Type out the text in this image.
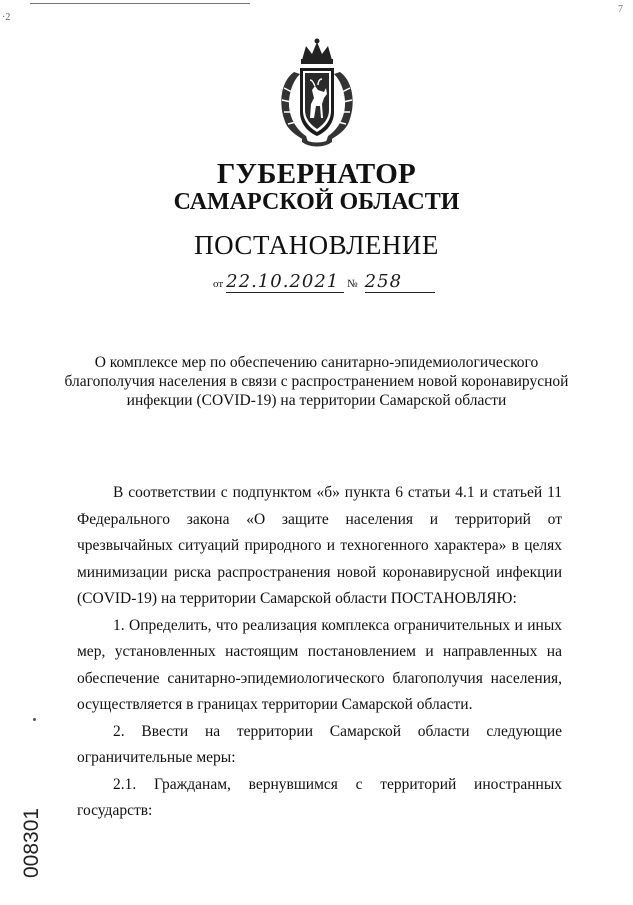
·2
7
ГУБЕРНАТОР
САМАРСКОЙ ОБЛАСТИ
ПОСТАНОВЛЕНИЕ
от 22.10.2021 № 258
О комплексе мер по обеспечению санитарно-эпидемиологического благополучия населения в связи с распространением новой коронавирусной инфекции (COVID-19) на территории Самарской области

В соответствии с подпунктом «б» пункта 6 статьи 4.1 и статьей 11 Федерального закона «О защите населения и территорий от чрезвычайных ситуаций природного и техногенного характера» в целях минимизации риска распространения новой коронавирусной инфекции (COVID-19) на территории Самарской области ПОСТАНОВЛЯЮ:

1. Определить, что реализация комплекса ограничительных и иных мер, установленных настоящим постановлением и направленных на обеспечение санитарно-эпидемиологического благополучия населения, осуществляется в границах территории Самарской области.

2. Ввести на территории Самарской области следующие ограничительные меры:

2.1. Гражданам, вернувшимся с территорий иностранных государств:

008301
